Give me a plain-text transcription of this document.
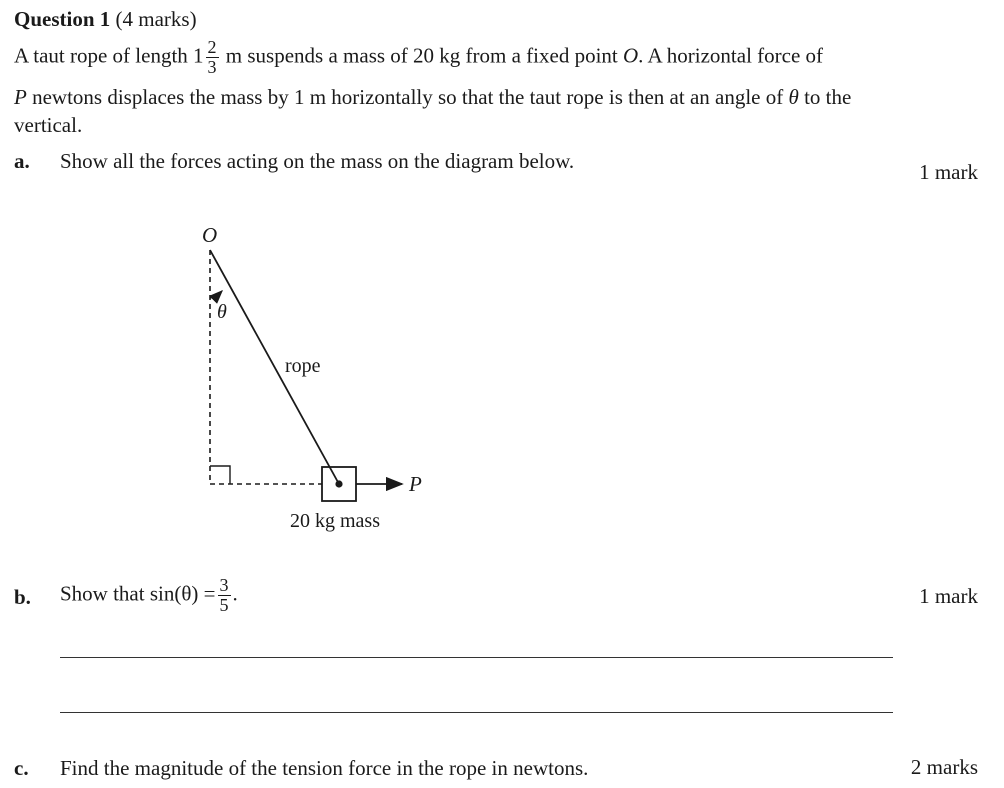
Question 1 (4 marks)
A taut rope of length $1 \frac{2}{3}$ m suspends a mass of 20 kg from a fixed point O. A horizontal force of
P newtons displaces the mass by 1 m horizontally so that the taut rope is then at an angle of θ to the
vertical.
a. Show all the forces acting on the mass on the diagram below.	1 mark
O
θ
rope
P
20 kg mass
b. Show that $\sin(\theta) = \frac{3}{5}$ .	1 mark
c. Find the magnitude of the tension force in the rope in newtons.	2 marks
